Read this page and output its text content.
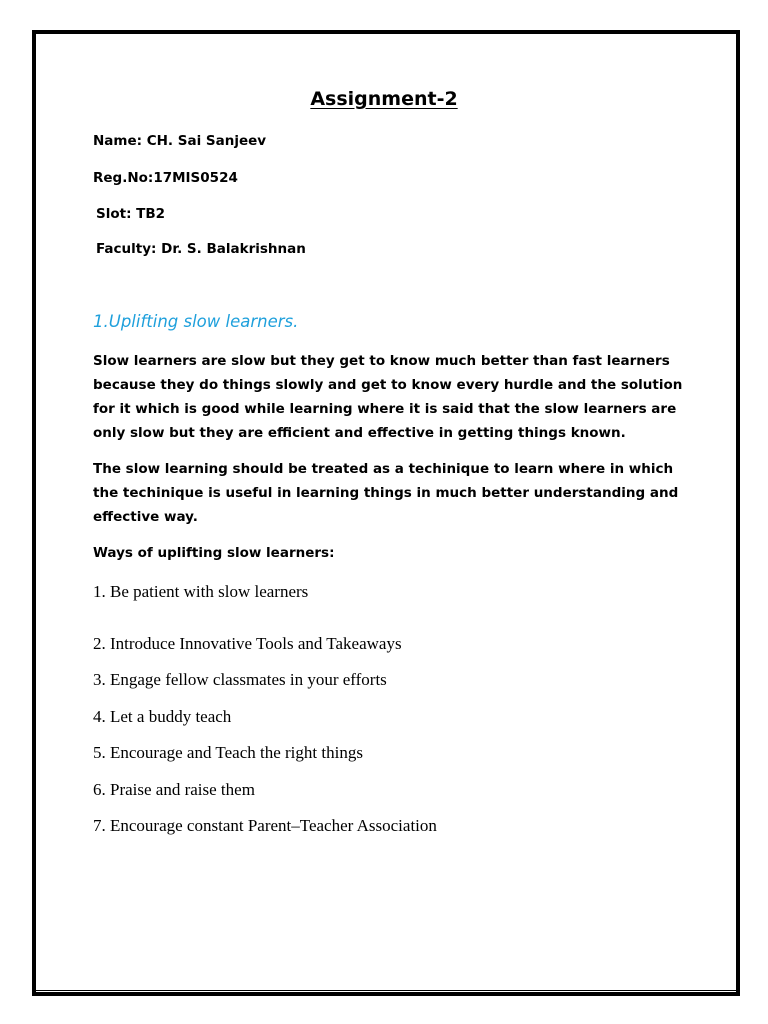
Assignment-2
Name: CH. Sai Sanjeev
Reg.No:17MIS0524
Slot: TB2
Faculty: Dr. S. Balakrishnan
1.Uplifting slow learners.
Slow learners are slow but they get to know much better than fast learners
because they do things slowly and get to know every hurdle and the solution
for it which is good while learning where it is said that the slow learners are
only slow but they are efficient and effective in getting things known.
The slow learning should be treated as a techinique to learn where in which
the techinique is useful in learning things in much better understanding and
effective way.
Ways of uplifting slow learners:
1. Be patient with slow learners
2. Introduce Innovative Tools and Takeaways
3. Engage fellow classmates in your efforts
4. Let a buddy teach
5. Encourage and Teach the right things
6. Praise and raise them
7. Encourage constant Parent–Teacher Association
